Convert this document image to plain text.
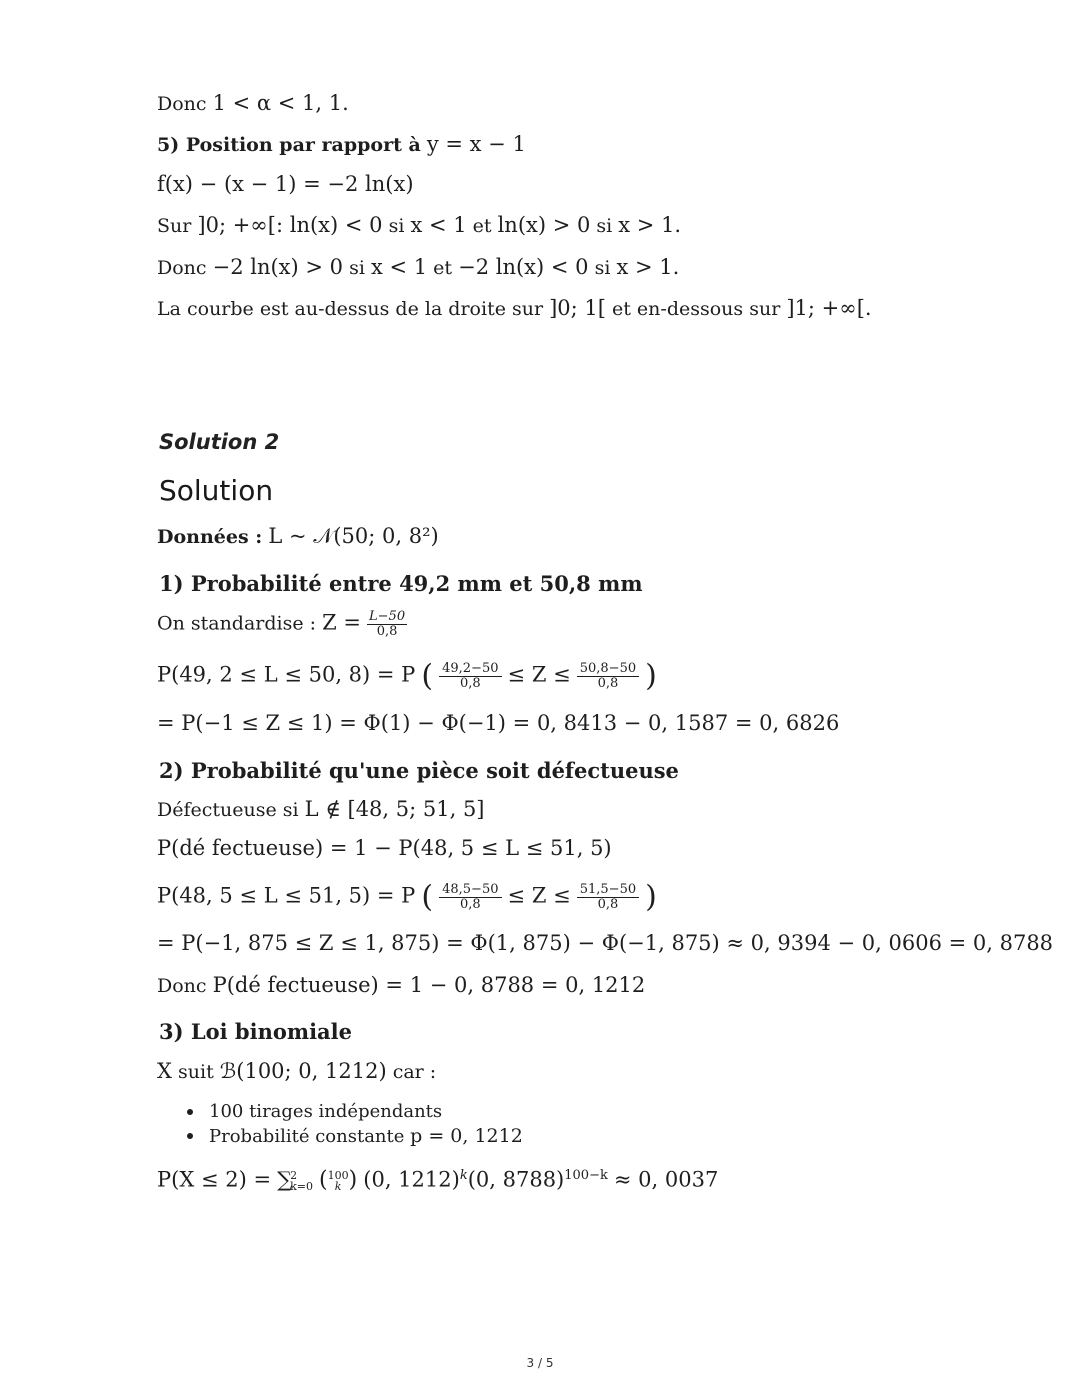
Donc 1 < α < 1, 1.
5) Position par rapport à y = x − 1
f(x) − (x − 1) = −2 ln(x)
Sur ]0; +∞[: ln(x) < 0 si x < 1 et ln(x) > 0 si x > 1.
Donc −2 ln(x) > 0 si x < 1 et −2 ln(x) < 0 si x > 1.
La courbe est au-dessus de la droite sur ]0; 1[ et en-dessous sur ]1; +∞[.
Solution 2
Solution
Données : L ~ 𝒩(50; 0, 8²)
1) Probabilité entre 49,2 mm et 50,8 mm
On standardise : $Z = \frac{L-50}{0,8}$
P(49, 2 ≤ L ≤ 50, 8) = P ( $\frac{49,2-50}{0,8} \le Z \le \frac{50,8-50}{0,8}$ )
= P(−1 ≤ Z ≤ 1) = Φ(1) − Φ(−1) = 0, 8413 − 0, 1587 = 0, 6826
2) Probabilité qu'une pièce soit défectueuse
Défectueuse si L ∉ [48, 5; 51, 5]
P(dé fectueuse) = 1 − P(48, 5 ≤ L ≤ 51, 5)
P(48, 5 ≤ L ≤ 51, 5) = P ( $\frac{48,5-50}{0,8} \le Z \le \frac{51,5-50}{0,8}$ )
= P(−1, 875 ≤ Z ≤ 1, 875) = Φ(1, 875) − Φ(−1, 875) ≈ 0, 9394 − 0, 0606 = 0, 8788
Donc P(dé fectueuse) = 1 − 0, 8788 = 0, 1212
3) Loi binomiale
X suit ℬ(100; 0, 1212) car :
100 tirages indépendants
Probabilité constante p = 0, 1212
P(X ≤ 2) = ∑
2
k=0 ( 100
k ) (0, 1212)$^k$(0, 8788)$^{100-k}$ ≈ 0, 0037
3 / 5
